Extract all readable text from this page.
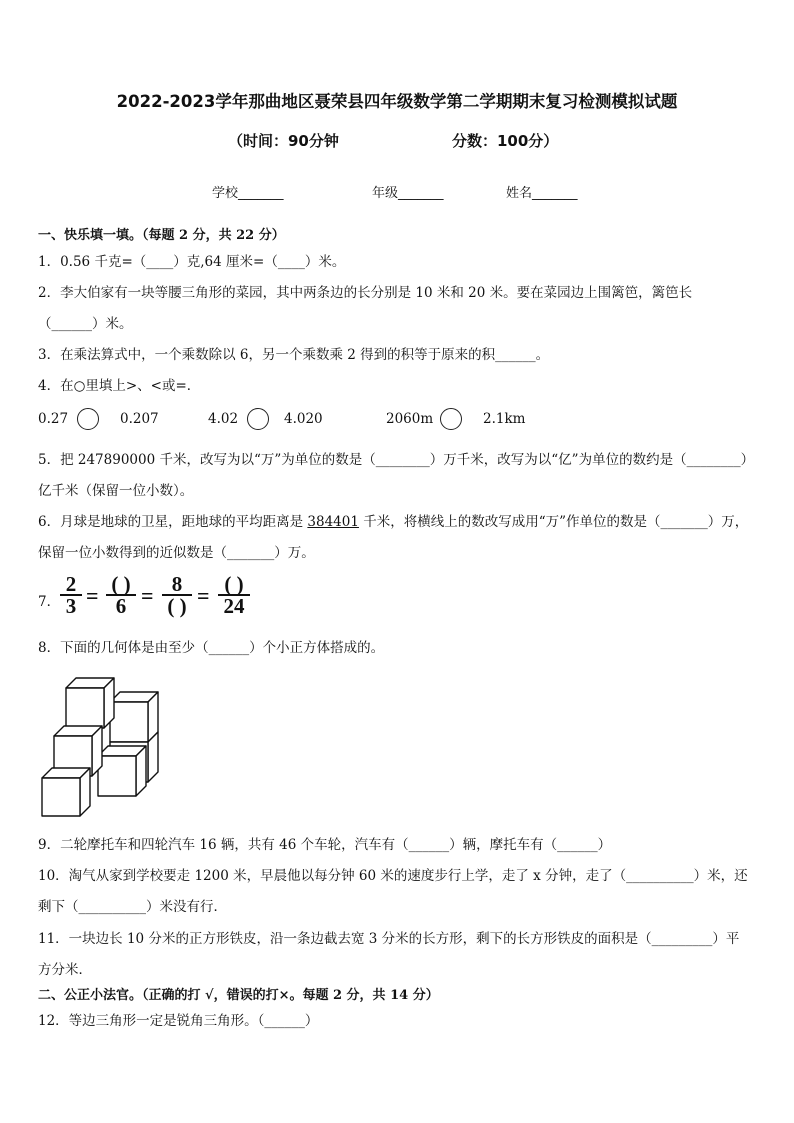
2022-2023学年那曲地区聂荣县四年级数学第二学期期末复习检测模拟试题
（时间：90分钟	分数：100分）
学校_______	年级_______	姓名_______
一、快乐填一填。（每题 2 分，共 22 分）
1．0.56 千克=（____）克,64 厘米=（____）米。
2．李大伯家有一块等腰三角形的菜园，其中两条边的长分别是 10 米和 20 米。要在菜园边上围篱笆，篱笆长
（______）米。
3．在乘法算式中，一个乘数除以 6，另一个乘数乘 2 得到的积等于原来的积______。
4．在○里填上>、<或=．
0.27	0.207	4.02	4.020	2060m	2.1km
5．把 247890000 千米，改写为以“万”为单位的数是（________）万千米，改写为以“亿”为单位的数约是（________）
亿千米（保留一位小数）。
6．月球是地球的卫星，距地球的平均距离是 384401 千米，将横线上的数改写成用“万”作单位的数是（_______）万，
保留一位小数得到的近似数是（_______）万。
7． $\frac{2}{3}$ = ( )
6 = 8
( ) = ( )
24
8．下面的几何体是由至少（______）个小正方体搭成的。
9．二轮摩托车和四轮汽车 16 辆，共有 46 个车轮，汽车有（______）辆，摩托车有（______）
10．淘气从家到学校要走 1200 米，早晨他以每分钟 60 米的速度步行上学，走了 x 分钟，走了（__________）米，还
剩下（__________）米没有行．
11．一块边长 10 分米的正方形铁皮，沿一条边截去宽 3 分米的长方形，剩下的长方形铁皮的面积是（_________）平
方分米．
二、公正小法官。（正确的打 √，错误的打×。每题 2 分，共 14 分）
12．等边三角形一定是锐角三角形。（______）
